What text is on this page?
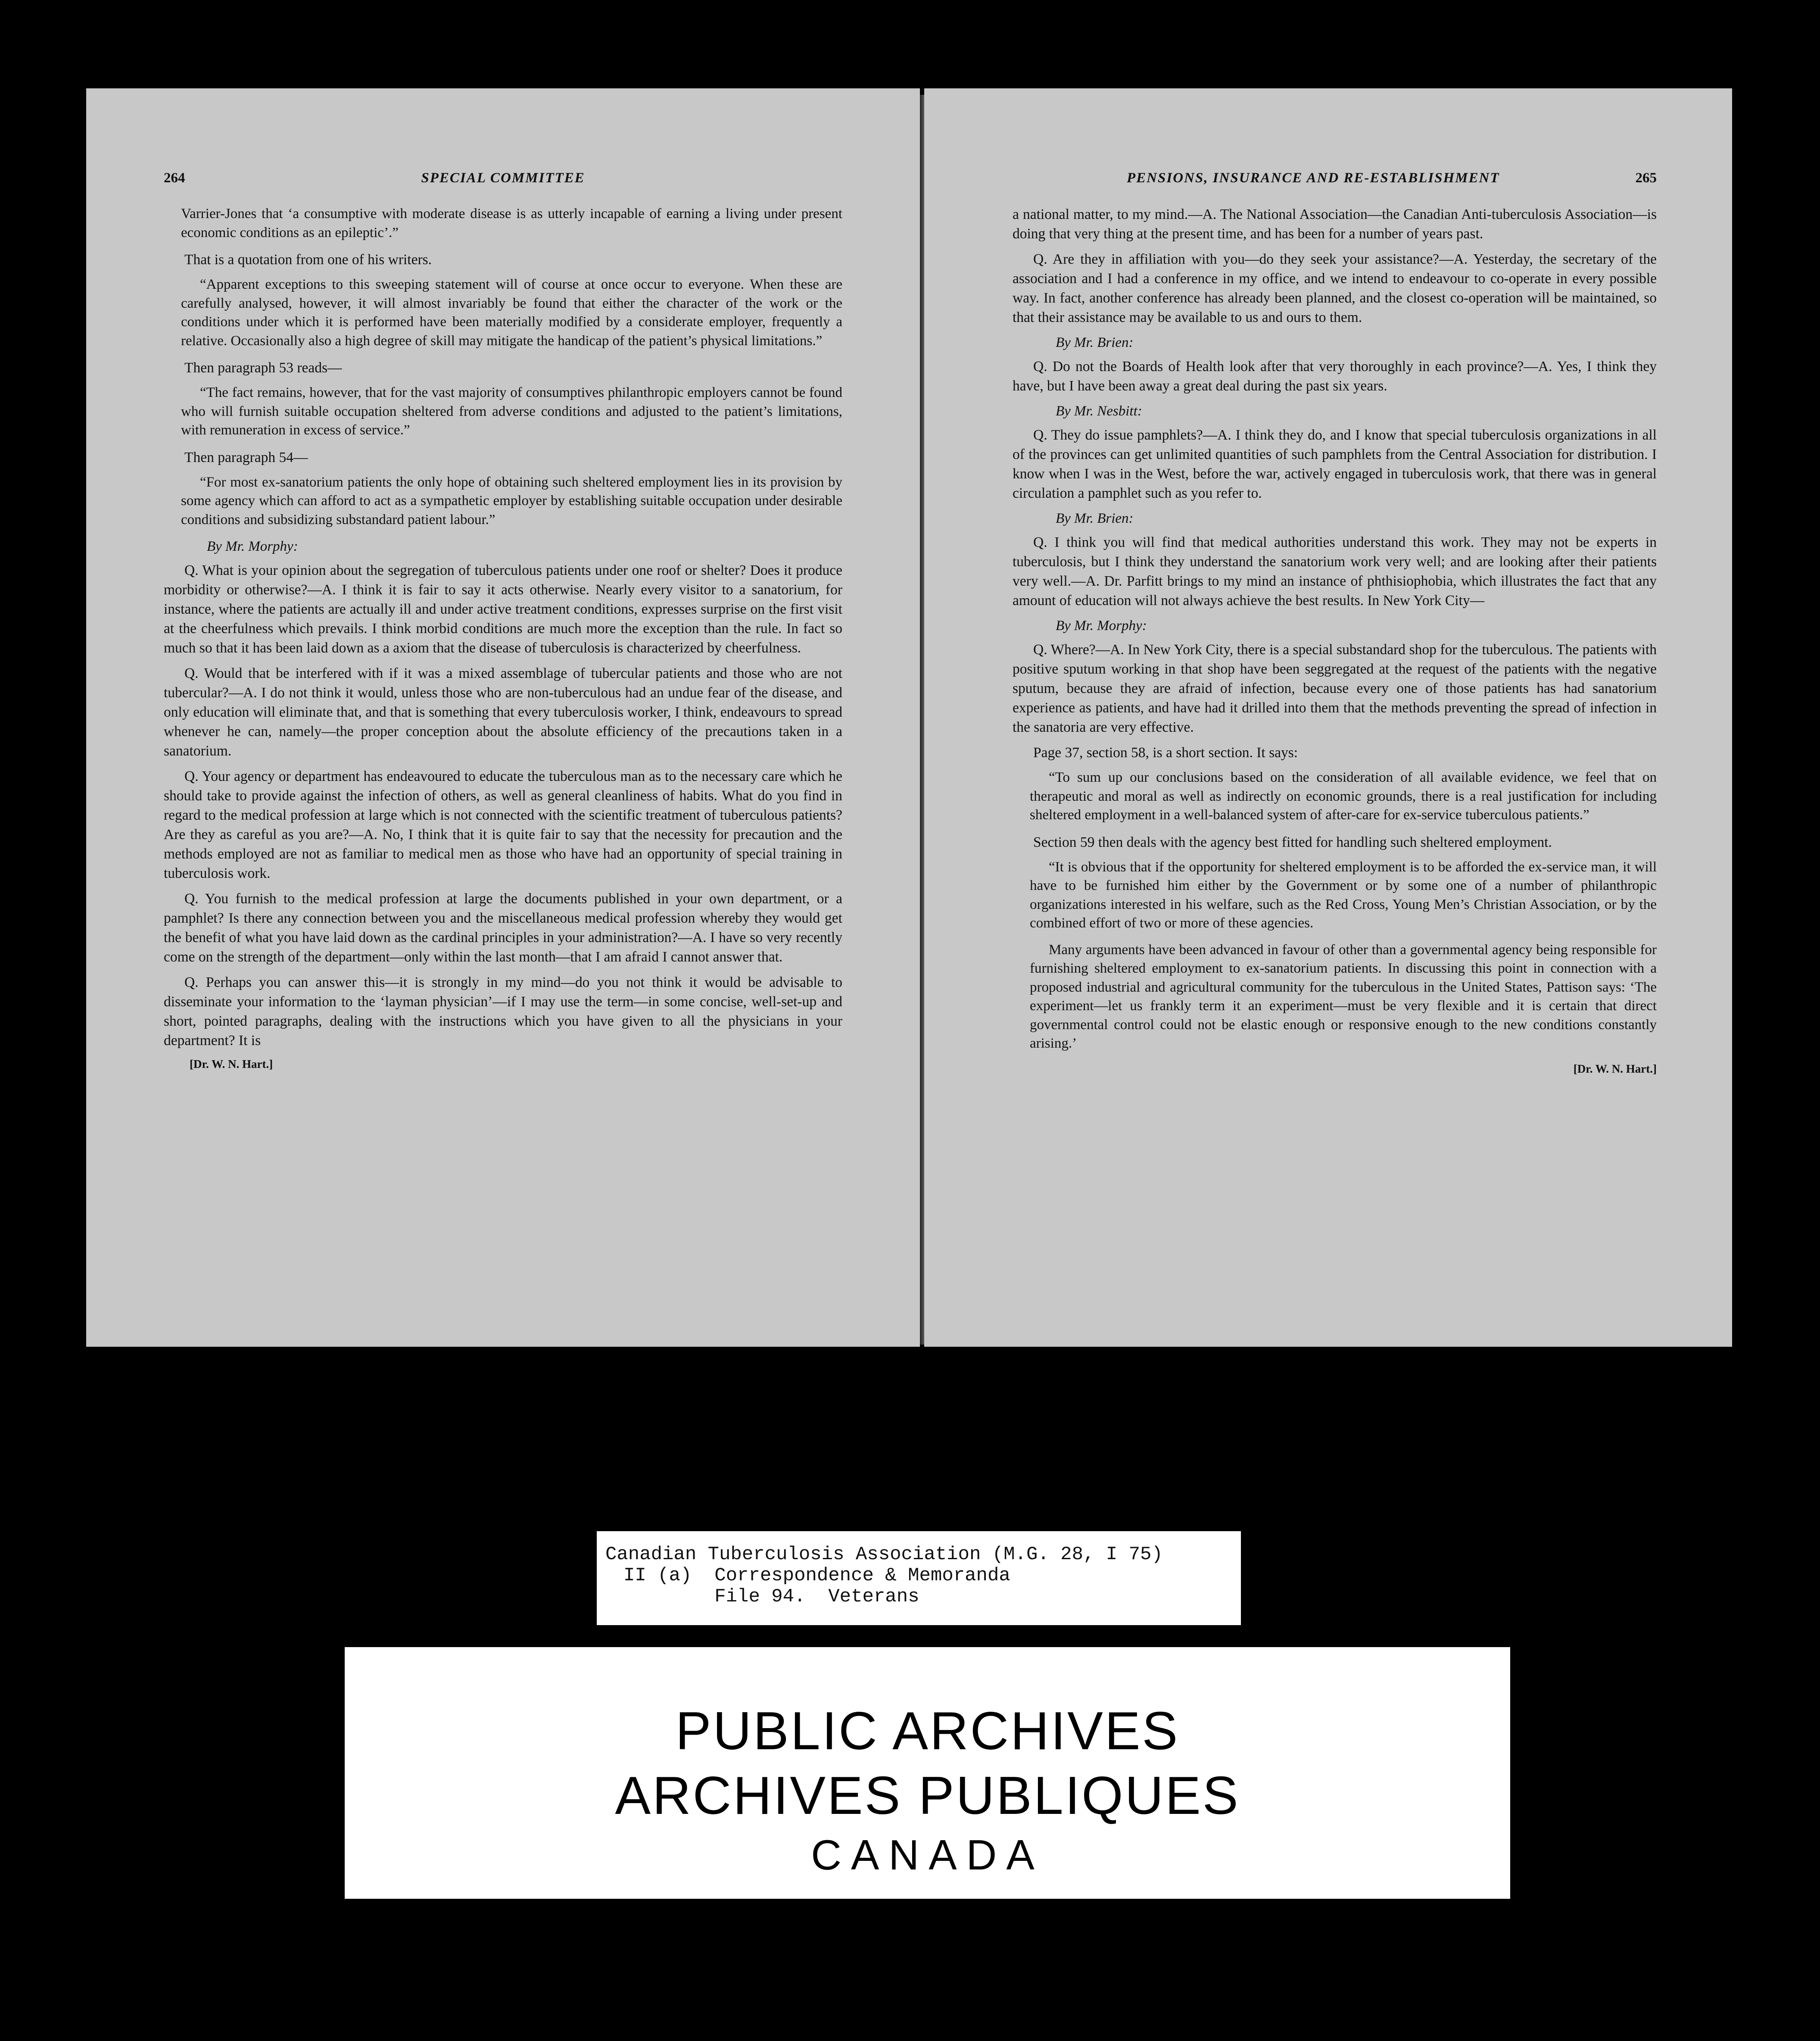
264	SPECIAL COMMITTEE

Varrier-Jones that ‘a consumptive with moderate disease is as utterly incapable of earning a living under present economic conditions as an epileptic’.”

That is a quotation from one of his writers.

“Apparent exceptions to this sweeping statement will of course at once occur to everyone. When these are carefully analysed, however, it will almost invariably be found that either the character of the work or the conditions under which it is performed have been materially modified by a considerate employer, frequently a relative. Occasionally also a high degree of skill may mitigate the handicap of the patient’s physical limitations.”

Then paragraph 53 reads—

“The fact remains, however, that for the vast majority of consumptives philanthropic employers cannot be found who will furnish suitable occupation sheltered from adverse conditions and adjusted to the patient’s limitations, with remuneration in excess of service.”

Then paragraph 54—

“For most ex-sanatorium patients the only hope of obtaining such sheltered employment lies in its provision by some agency which can afford to act as a sympathetic employer by establishing suitable occupation under desirable conditions and subsidizing substandard patient labour.”

By Mr. Morphy:

Q. What is your opinion about the segregation of tuberculous patients under one roof or shelter? Does it produce morbidity or otherwise?—A. I think it is fair to say it acts otherwise. Nearly every visitor to a sanatorium, for instance, where the patients are actually ill and under active treatment conditions, expresses surprise on the first visit at the cheerfulness which prevails. I think morbid conditions are much more the exception than the rule. In fact so much so that it has been laid down as a axiom that the disease of tuberculosis is characterized by cheerfulness.

Q. Would that be interfered with if it was a mixed assemblage of tubercular patients and those who are not tubercular?—A. I do not think it would, unless those who are non-tuberculous had an undue fear of the disease, and only education will eliminate that, and that is something that every tuberculosis worker, I think, endeavours to spread whenever he can, namely—the proper conception about the absolute efficiency of the precautions taken in a sanatorium.

Q. Your agency or department has endeavoured to educate the tuberculous man as to the necessary care which he should take to provide against the infection of others, as well as general cleanliness of habits. What do you find in regard to the medical profession at large which is not connected with the scientific treatment of tuberculous patients? Are they as careful as you are?—A. No, I think that it is quite fair to say that the necessity for precaution and the methods employed are not as familiar to medical men as those who have had an opportunity of special training in tuberculosis work.

Q. You furnish to the medical profession at large the documents published in your own department, or a pamphlet? Is there any connection between you and the miscellaneous medical profession whereby they would get the benefit of what you have laid down as the cardinal principles in your administration?—A. I have so very recently come on the strength of the department—only within the last month—that I am afraid I cannot answer that.

Q. Perhaps you can answer this—it is strongly in my mind—do you not think it would be advisable to disseminate your information to the ‘layman physician’—if I may use the term—in some concise, well-set-up and short, pointed paragraphs, dealing with the instructions which you have given to all the physicians in your department? It is

[Dr. W. N. Hart.]
PENSIONS, INSURANCE AND RE-ESTABLISHMENT	265

a national matter, to my mind.—A. The National Association—the Canadian Anti-tuberculosis Association—is doing that very thing at the present time, and has been for a number of years past.

Q. Are they in affiliation with you—do they seek your assistance?—A. Yesterday, the secretary of the association and I had a conference in my office, and we intend to endeavour to co-operate in every possible way. In fact, another conference has already been planned, and the closest co-operation will be maintained, so that their assistance may be available to us and ours to them.

By Mr. Brien:

Q. Do not the Boards of Health look after that very thoroughly in each province?—A. Yes, I think they have, but I have been away a great deal during the past six years.

By Mr. Nesbitt:

Q. They do issue pamphlets?—A. I think they do, and I know that special tuberculosis organizations in all of the provinces can get unlimited quantities of such pamphlets from the Central Association for distribution. I know when I was in the West, before the war, actively engaged in tuberculosis work, that there was in general circulation a pamphlet such as you refer to.

By Mr. Brien:

Q. I think you will find that medical authorities understand this work. They may not be experts in tuberculosis, but I think they understand the sanatorium work very well; and are looking after their patients very well.—A. Dr. Parfitt brings to my mind an instance of phthisiophobia, which illustrates the fact that any amount of education will not always achieve the best results. In New York City—

By Mr. Morphy:

Q. Where?—A. In New York City, there is a special substandard shop for the tuberculous. The patients with positive sputum working in that shop have been seggregated at the request of the patients with the negative sputum, because they are afraid of infection, because every one of those patients has had sanatorium experience as patients, and have had it drilled into them that the methods preventing the spread of infection in the sanatoria are very effective.

Page 37, section 58, is a short section. It says:

“To sum up our conclusions based on the consideration of all available evidence, we feel that on therapeutic and moral as well as indirectly on economic grounds, there is a real justification for including sheltered employment in a well-balanced system of after-care for ex-service tuberculous patients.”

Section 59 then deals with the agency best fitted for handling such sheltered employment.

“It is obvious that if the opportunity for sheltered employment is to be afforded the ex-service man, it will have to be furnished him either by the Government or by some one of a number of philanthropic organizations interested in his welfare, such as the Red Cross, Young Men’s Christian Association, or by the combined effort of two or more of these agencies.

Many arguments have been advanced in favour of other than a governmental agency being responsible for furnishing sheltered employment to ex-sanatorium patients. In discussing this point in connection with a proposed industrial and agricultural community for the tuberculous in the United States, Pattison says: ‘The experiment—let us frankly term it an experiment—must be very flexible and it is certain that direct governmental control could not be elastic enough or responsive enough to the new conditions constantly arising.’

[Dr. W. N. Hart.]
Canadian Tuberculosis Association (M.G. 28, I 75)
II (a)  Correspondence & Memoranda
File 94.  Veterans
PUBLIC ARCHIVES
ARCHIVES PUBLIQUES
CANADA
